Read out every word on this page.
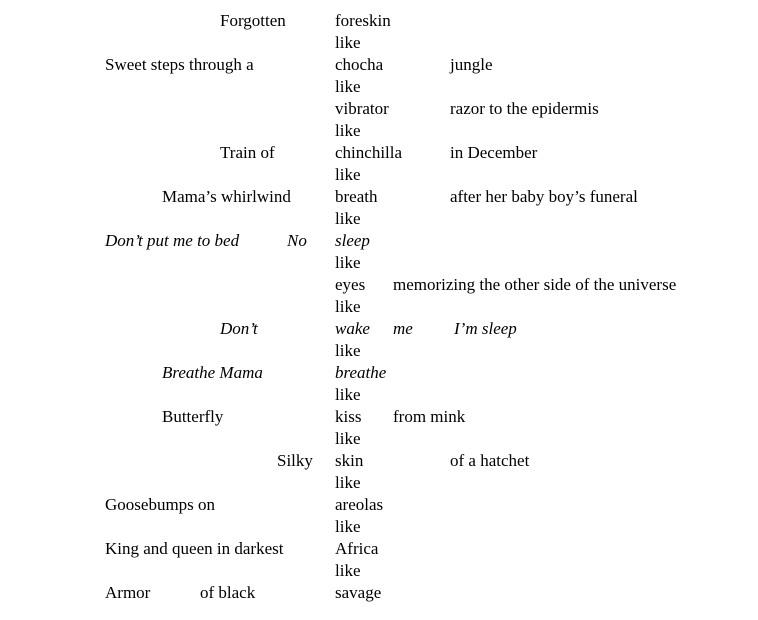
Forgotten	foreskin
like
Sweet steps through a	chocha	jungle
like
vibrator	razor to the epidermis
like
Train of	chinchilla	in December
like
Mama’s whirlwind	breath	after her baby boy’s funeral
like
Don’t put me to bed	No sleep
like
eyes memorizing the other side of the universe
like
Don’t	wake me I’m sleep
like
Breathe Mama	breathe
like
Butterfly	kiss from mink
like
Silky skin	of a hatchet
like
Goosebumps on	areolas
like
King and queen in darkest	Africa
like
Armor	of black	savage
